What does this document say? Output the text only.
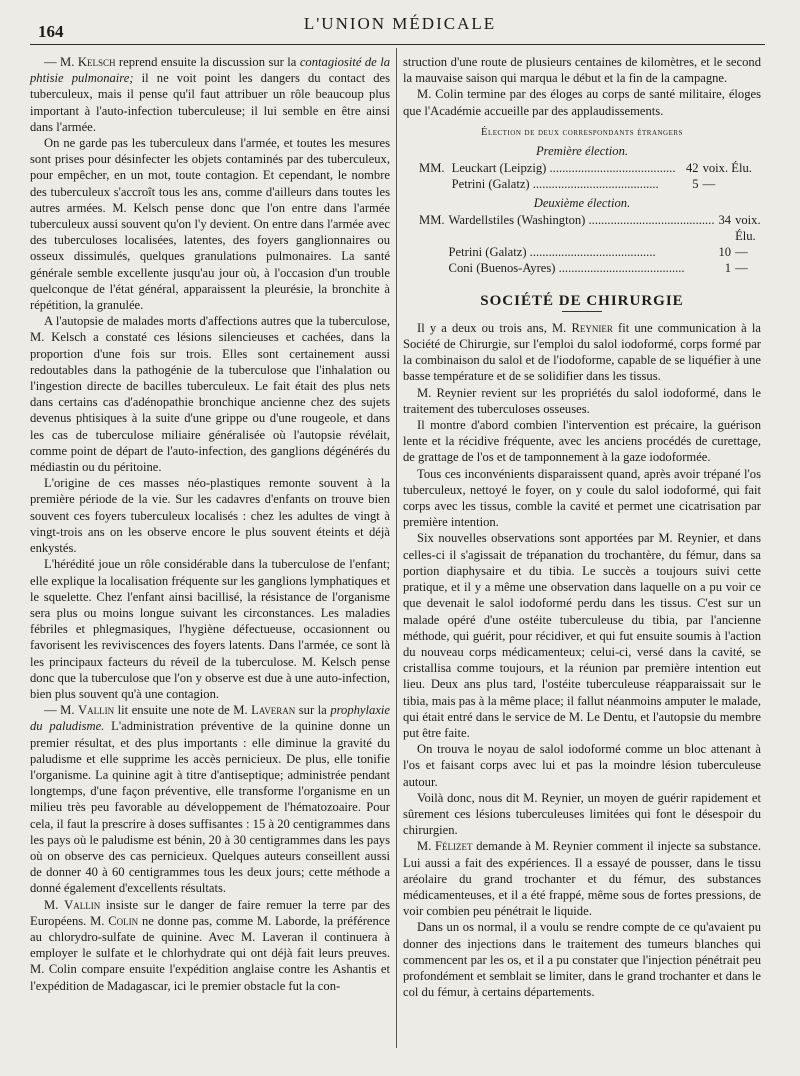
164	L'UNION MÉDICALE

— M. Kelsch reprend ensuite la discussion sur la contagiosité de la phtisie pulmonaire; il ne voit point les dangers du contact des tuberculeux, mais il pense qu'il faut attribuer un rôle beaucoup plus important à l'auto-infection tuberculeuse; il lui semble en être ainsi dans l'armée.

On ne garde pas les tuberculeux dans l'armée, et toutes les mesures sont prises pour désinfecter les objets contaminés par des tuberculeux, pour empêcher, en un mot, toute contagion. Et cependant, le nombre des tuberculeux s'accroît tous les ans, comme d'ailleurs dans toutes les autres armées. M. Kelsch pense donc que l'on entre dans l'armée tuberculeux aussi souvent qu'on l'y devient. On entre dans l'armée avec des tuberculoses localisées, latentes, des foyers ganglionnaires ou osseux dissimulés, quelques granulations pulmonaires. La santé générale semble excellente jusqu'au jour où, à l'occasion d'un trouble quelconque de l'état général, apparaissent la pleurésie, la bronchite à répétition, la granulée.

A l'autopsie de malades morts d'affections autres que la tuberculose, M. Kelsch a constaté ces lésions silencieuses et cachées, dans la proportion d'une fois sur trois. Elles sont certainement aussi redoutables dans la pathogénie de la tuberculose que l'inhalation ou l'ingestion directe de bacilles tuberculeux. Le fait était des plus nets dans certains cas d'adénopathie bronchique ancienne chez des sujets devenus phtisiques à la suite d'une grippe ou d'une rougeole, et dans les cas de tuberculose miliaire généralisée où l'autopsie révélait, comme point de départ de l'auto-infection, des ganglions dégénérés du médiastin ou du péritoine.

L'origine de ces masses néo-plastiques remonte souvent à la première période de la vie. Sur les cadavres d'enfants on trouve bien souvent ces foyers tuberculeux localisés : chez les adultes de vingt à vingt-trois ans on les observe encore le plus souvent éteints et déjà enkystés.

L'hérédité joue un rôle considérable dans la tuberculose de l'enfant; elle explique la localisation fréquente sur les ganglions lymphatiques et le squelette. Chez l'enfant ainsi bacillisé, la résistance de l'organisme sera plus ou moins longue suivant les circonstances. Les maladies fébriles et phlegmasiques, l'hygiène défectueuse, occasionnent ou favorisent les reviviscences des foyers latents. Dans l'armée, ce sont là les principaux facteurs du réveil de la tuberculose. M. Kelsch pense donc que la tuberculose que l'on y observe est due à une auto-infection, bien plus souvent qu'à une contagion.

— M. Vallin lit ensuite une note de M. Laveran sur la prophylaxie du paludisme. L'administration préventive de la quinine donne un premier résultat, et des plus importants : elle diminue la gravité du paludisme et elle supprime les accès pernicieux. De plus, elle tonifie l'organisme. La quinine agit à titre d'antiseptique; administrée pendant longtemps, d'une façon préventive, elle transforme l'organisme en un milieu très peu favorable au développement de l'hématozoaire. Pour cela, il faut la prescrire à doses suffisantes : 15 à 20 centigrammes dans les pays où le paludisme est bénin, 20 à 30 centigrammes dans les pays où on observe des cas pernicieux. Quelques auteurs conseillent aussi de donner 40 à 60 centigrammes tous les deux jours; cette méthode a donné également d'excellents résultats.

M. Vallin insiste sur le danger de faire remuer la terre par des Européens. M. Colin ne donne pas, comme M. Laborde, la préférence au chlorydro-sulfate de quinine. Avec M. Laveran il continuera à employer le sulfate et le chlorhydrate qui ont déjà fait leurs preuves. M. Colin compare ensuite l'expédition anglaise contre les Ashantis et l'expédition de Madagascar, ici le premier obstacle fut la con-

struction d'une route de plusieurs centaines de kilomètres, et le second la mauvaise saison qui marqua le début et la fin de la campagne.

M. Colin termine par des éloges au corps de santé militaire, éloges que l'Académie accueille par des applaudissements.

Élection de deux correspondants étrangers
Première élection.
MM.	Leuckart (Leipzig) .....	42	voix. Élu.
	Petrini (Galatz) .....	5	—
Deuxième élection.
MM.	Wardellstiles (Washington) .....	34	voix. Élu.
	Petrini (Galatz) .....	10	—
	Coni (Buenos-Ayres) .....	1	—
SOCIÉTÉ DE CHIRURGIE

Il y a deux ou trois ans, M. Reynier fit une communication à la Société de Chirurgie, sur l'emploi du salol iodoformé, corps formé par la combinaison du salol et de l'iodoforme, capable de se liquéfier à une basse température et de se solidifier dans les tissus.

M. Reynier revient sur les propriétés du salol iodoformé, dans le traitement des tuberculoses osseuses.

Il montre d'abord combien l'intervention est précaire, la guérison lente et la récidive fréquente, avec les anciens procédés de curettage, de grattage de l'os et de tamponnement à la gaze iodoformée.

Tous ces inconvénients disparaissent quand, après avoir trépané l'os tuberculeux, nettoyé le foyer, on y coule du salol iodoformé, qui fait corps avec les tissus, comble la cavité et permet une cicatrisation par première intention.

Six nouvelles observations sont apportées par M. Reynier, et dans celles-ci il s'agissait de trépanation du trochantère, du fémur, dans sa portion diaphysaire et du tibia. Le succès a toujours suivi cette pratique, et il y a même une observation dans laquelle on a pu voir ce que devenait le salol iodoformé perdu dans les tissus. C'est sur un malade opéré d'une ostéite tuberculeuse du tibia, par l'ancienne méthode, qui guérit, pour récidiver, et qui fut ensuite soumis à l'action du nouveau corps médicamenteux; celui-ci, versé dans la cavité, se cristallisa comme toujours, et la réunion par première intention eut lieu. Deux ans plus tard, l'ostéite tuberculeuse réapparaissait sur le tibia, mais pas à la même place; il fallut néanmoins amputer le malade, qui était entré dans le service de M. Le Dentu, et l'autopsie du membre put être faite.

On trouva le noyau de salol iodoformé comme un bloc attenant à l'os et faisant corps avec lui et pas la moindre lésion tuberculeuse autour.

Voilà donc, nous dit M. Reynier, un moyen de guérir rapidement et sûrement ces lésions tuberculeuses limitées qui font le désespoir du chirurgien.

M. Félizet demande à M. Reynier comment il injecte sa substance. Lui aussi a fait des expériences. Il a essayé de pousser, dans le tissu aréolaire du grand trochanter et du fémur, des substances médicamenteuses, et il a été frappé, même sous de fortes pressions, de voir combien peu pénétrait le liquide.

Dans un os normal, il a voulu se rendre compte de ce qu'avaient pu donner des injections dans le traitement des tumeurs blanches qui commencent par les os, et il a pu constater que l'injection pénétrait peu profondément et semblait se limiter, dans le grand trochanter et dans le col du fémur, à certains départements.
